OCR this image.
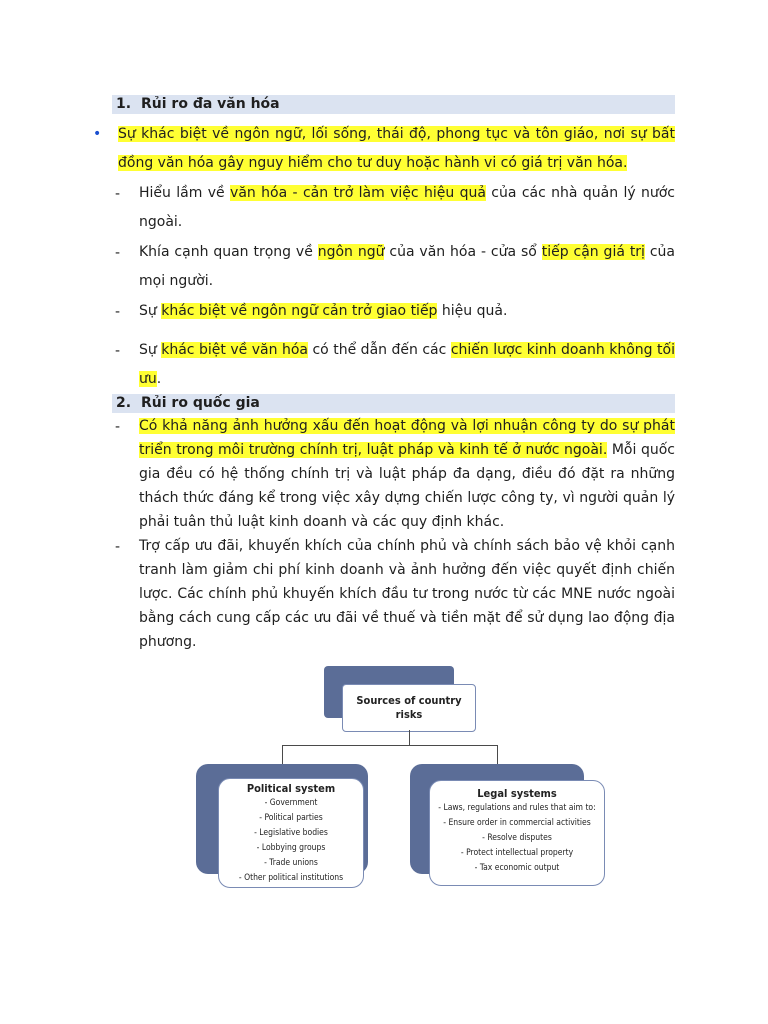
1. Rủi ro đa văn hóa
• Sự khác biệt về ngôn ngữ, lối sống, thái độ, phong tục và tôn giáo, nơi sự bất đồng văn hóa gây nguy hiểm cho tư duy hoặc hành vi có giá trị văn hóa.
- Hiểu lầm về văn hóa - cản trở làm việc hiệu quả của các nhà quản lý nước ngoài.
- Khía cạnh quan trọng về ngôn ngữ của văn hóa - cửa sổ tiếp cận giá trị của mọi người.
- Sự khác biệt về ngôn ngữ cản trở giao tiếp hiệu quả.
- Sự khác biệt về văn hóa có thể dẫn đến các chiến lược kinh doanh không tối ưu.
2. Rủi ro quốc gia
- Có khả năng ảnh hưởng xấu đến hoạt động và lợi nhuận công ty do sự phát triển trong môi trường chính trị, luật pháp và kinh tế ở nước ngoài. Mỗi quốc gia đều có hệ thống chính trị và luật pháp đa dạng, điều đó đặt ra những thách thức đáng kể trong việc xây dựng chiến lược công ty, vì người quản lý phải tuân thủ luật kinh doanh và các quy định khác.
- Trợ cấp ưu đãi, khuyến khích của chính phủ và chính sách bảo vệ khỏi cạnh tranh làm giảm chi phí kinh doanh và ảnh hưởng đến việc quyết định chiến lược. Các chính phủ khuyến khích đầu tư trong nước từ các MNE nước ngoài bằng cách cung cấp các ưu đãi về thuế và tiền mặt để sử dụng lao động địa phương.
Sources of country risks
Political system
- Government
- Political parties
- Legislative bodies
- Lobbying groups
- Trade unions
- Other political institutions
Legal systems
- Laws, regulations and rules that aim to:
- Ensure order in commercial activities
- Resolve disputes
- Protect intellectual property
- Tax economic output
